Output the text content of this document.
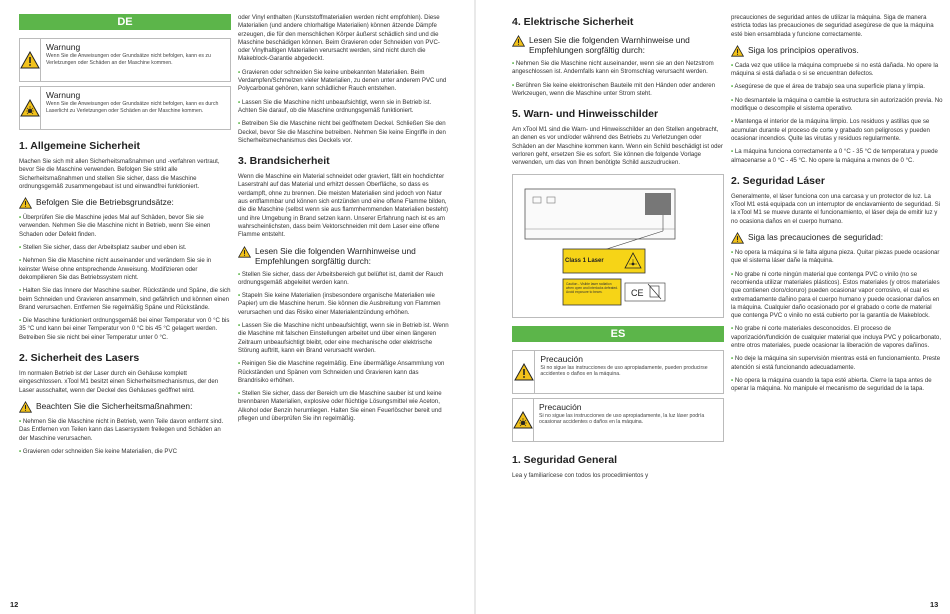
DE
Warnung
Wenn Sie die Anweisungen oder Grundsätze nicht befolgen, kann es zu Verletzungen oder Schäden an der Maschine kommen.
Warnung
Wenn Sie die Anweisungen oder Grundsätze nicht befolgen, kann es durch Laserlicht zu Verletzungen oder Schäden an der Maschine kommen.
1. Allgemeine Sicherheit

Machen Sie sich mit allen Sicherheitsmaßnahmen und -verfahren vertraut, bevor Sie die Maschine verwenden. Befolgen Sie strikt alle Sicherheitsmaßnahmen und stellen Sie sicher, dass die Maschine ordnungsgemäß zusammengebaut ist und einwandfrei funktioniert.

Befolgen Sie die Betriebsgrundsätze:

• Überprüfen Sie die Maschine jedes Mal auf Schäden, bevor Sie sie verwenden. Nehmen Sie die Maschine nicht in Betrieb, wenn Sie einen Schaden oder Defekt finden.

• Stellen Sie sicher, dass der Arbeitsplatz sauber und eben ist.

• Nehmen Sie die Maschine nicht auseinander und verändern Sie sie in keinster Weise ohne entsprechende Anweisung. Modifizieren oder dekompilieren Sie das Betriebssystem nicht.

• Halten Sie das Innere der Maschine sauber. Rückstände und Späne, die sich beim Schneiden und Gravieren ansammeln, sind gefährlich und können einen Brand verursachen. Entfernen Sie regelmäßig Späne und Rückstände.

• Die Maschine funktioniert ordnungsgemäß bei einer Temperatur von 0 °C bis 35 °C und kann bei einer Temperatur von 0 °C bis 45 °C gelagert werden. Betreiben Sie sie nicht bei einer Temperatur unter 0 °C.

2. Sicherheit des Lasers

Im normalen Betrieb ist der Laser durch ein Gehäuse komplett eingeschlossen. xTool M1 besitzt einen Sicherheitsmechanismus, der den Laser ausschaltet, wenn der Deckel des Gehäuses geöffnet wird.

Beachten Sie die Sicherheitsmaßnahmen:

• Nehmen Sie die Maschine nicht in Betrieb, wenn Teile davon entfernt sind. Das Entfernen von Teilen kann das Lasersystem freilegen und Schäden an der Maschine verursachen.

• Gravieren oder schneiden Sie keine Materialien, die PVC

oder Vinyl enthalten (Kunststoffmaterialien werden nicht empfohlen). Diese Materialien (und andere chlorhaltige Materialien) können ätzende Dämpfe erzeugen, die für den menschlichen Körper äußerst schädlich sind und die Maschine beschädigen können. Beim Gravieren oder Schneiden von PVC- oder Vinylhaltigen Materialien verursacht werden, sind nicht durch die Makeblock-Garantie abgedeckt.

• Gravieren oder schneiden Sie keine unbekannten Materialien. Beim Verdampfen/Schmelzen vieler Materialien, zu denen unter anderem PVC und Polycarbonat gehören, kann schädlicher Rauch entstehen.

• Lassen Sie die Maschine nicht unbeaufsichtigt, wenn sie in Betrieb ist. Achten Sie darauf, ob die Maschine ordnungsgemäß funktioniert.

• Betreiben Sie die Maschine nicht bei geöffnetem Deckel. Schließen Sie den Deckel, bevor Sie die Maschine betreiben. Nehmen Sie keine Eingriffe in den Sicherheitsmechanismus des Deckels vor.

3. Brandsicherheit

Wenn die Maschine ein Material schneidet oder graviert, fällt ein hochdichter Laserstrahl auf das Material und erhitzt dessen Oberfläche, so dass es verdampft, ohne zu brennen. Die meisten Materialien sind jedoch von Natur aus entflammbar und können sich entzünden und eine offene Flamme bilden, die die Maschine (selbst wenn sie aus flammhemmenden Materialien besteht) und ihre Umgebung in Brand setzen kann. Unserer Erfahrung nach ist es am wahrscheinlichsten, dass beim Vektorschneiden mit dem Laser eine offene Flamme entsteht.

Lesen Sie die folgenden Warnhinweise und Empfehlungen sorgfältig durch:

• Stellen Sie sicher, dass der Arbeitsbereich gut belüftet ist, damit der Rauch ordnungsgemäß abgeleitet werden kann.

• Stapeln Sie keine Materialien (insbesondere organische Materialien wie Papier) um die Maschine herum. Sie können die Ausbreitung von Flammen verursachen und das Risiko einer Materialentzündung erhöhen.

• Lassen Sie die Maschine nicht unbeaufsichtigt, wenn sie in Betrieb ist. Wenn die Maschine mit falschen Einstellungen arbeitet und über einen längeren Zeitraum unbeaufsichtigt bleibt, oder eine mechanische oder elektrische Störung auftritt, kann ein Brand verursacht werden.

• Reinigen Sie die Maschine regelmäßig. Eine übermäßige Ansammlung von Rückständen und Spänen vom Schneiden und Gravieren kann das Brandrisiko erhöhen.

• Stellen Sie sicher, dass der Bereich um die Maschine sauber ist und keine brennbaren Materialien, explosive oder flüchtige Lösungsmittel wie Aceton, Alkohol oder Benzin herumliegen. Halten Sie einen Feuerlöscher bereit und pflegen und überprüfen Sie ihn regelmäßig.

4. Elektrische Sicherheit
Lesen Sie die folgenden Warnhinweise und Empfehlungen sorgfältig durch:

• Nehmen Sie die Maschine nicht auseinander, wenn sie an den Netzstrom angeschlossen ist. Andernfalls kann ein Stromschlag verursacht werden.

• Berühren Sie keine elektronischen Bauteile mit den Händen oder anderen Werkzeugen, wenn die Maschine unter Strom steht.

5. Warn- und Hinweisschilder

Am xTool M1 sind die Warn- und Hinweisschilder an den Stellen angebracht, an denen es vor und/oder während des Betriebs zu Verletzungen oder Schäden an der Maschine kommen kann. Wenn ein Schild beschädigt ist oder verloren geht, ersetzen Sie es sofort. Sie können die folgende Vorlage verwenden, um das von Ihnen benötigte Schild auszudrucken.

CE
Class 1 Laser
Caution - Visible laser radiation when open and interlocks defeated. Avoid exposure to beam.
ES
Precaución
Si no sigue las instrucciones de uso apropiadamente, pueden producirse accidentes o daños en la máquina.
Precaución
Si no sigue las instrucciones de uso apropiadamente, la luz láser podría ocasionar accidentes o daños en la máquina.
1. Seguridad General

Lea y familiarícese con todos los procedimientos y

precauciones de seguridad antes de utilizar la máquina. Siga de manera estricta todas las precauciones de seguridad asegúrese de que la máquina esté bien ensamblada y funcione correctamente.

Siga los principios operativos.

• Cada vez que utilice la máquina compruebe si no está dañada. No opere la máquina si está dañada o si se encuentran defectos.

• Asegúrese de que el área de trabajo sea una superficie plana y limpia.

• No desmantele la máquina o cambie la estructura sin autorización previa. No modifique o descompile el sistema operativo.

• Mantenga el interior de la máquina limpio. Los residuos y astillas que se acumulan durante el proceso de corte y grabado son peligrosos y pueden ocasionar incendios. Quite las virutas y residuos regularmente.

• La máquina funciona correctamente a 0 °C - 35 °C de temperatura y puede almacenarse a 0 °C - 45 °C. No opere la máquina a menos de 0 °C.

2. Seguridad Láser

Generalmente, el láser funciona con una carcasa y un protector de luz. La xTool M1 está equipada con un interruptor de enclavamiento de seguridad. Si la xTool M1 se mueve durante el funcionamiento, el láser deja de emitir luz y no ocasiona daños en el cuerpo humano.

Siga las precauciones de seguridad:

• No opera la máquina si le falta alguna pieza. Quitar piezas puede ocasionar que el sistema láser dañe la máquina.

• No grabe ni corte ningún material que contenga PVC o vinilo (no se recomienda utilizar materiales plásticos). Estos materiales (y otros materiales que contienen cloro/cloruro) pueden ocasionar vapor corrosivo, el cual es extremadamente dañino para el cuerpo humano y puede ocasionar daños en la máquina. Cualquier daño ocasionado por el grabado o corte de material que contenga PVC o vinilo no está cubierto por la garantía de Makeblock.

• No grabe ni corte materiales desconocidos. El proceso de vaporización/fundición de cualquier material que incluya PVC y policarbonato, entre otros materiales, puede ocasionar la liberación de vapores dañinos.

• No deje la máquina sin supervisión mientras está en funcionamiento. Preste atención si está funcionando adecuadamente.

• No opera la máquina cuando la tapa esté abierta. Cierre la tapa antes de operar la máquina. No manipule el mecanismo de seguridad de la tapa.

12	13
